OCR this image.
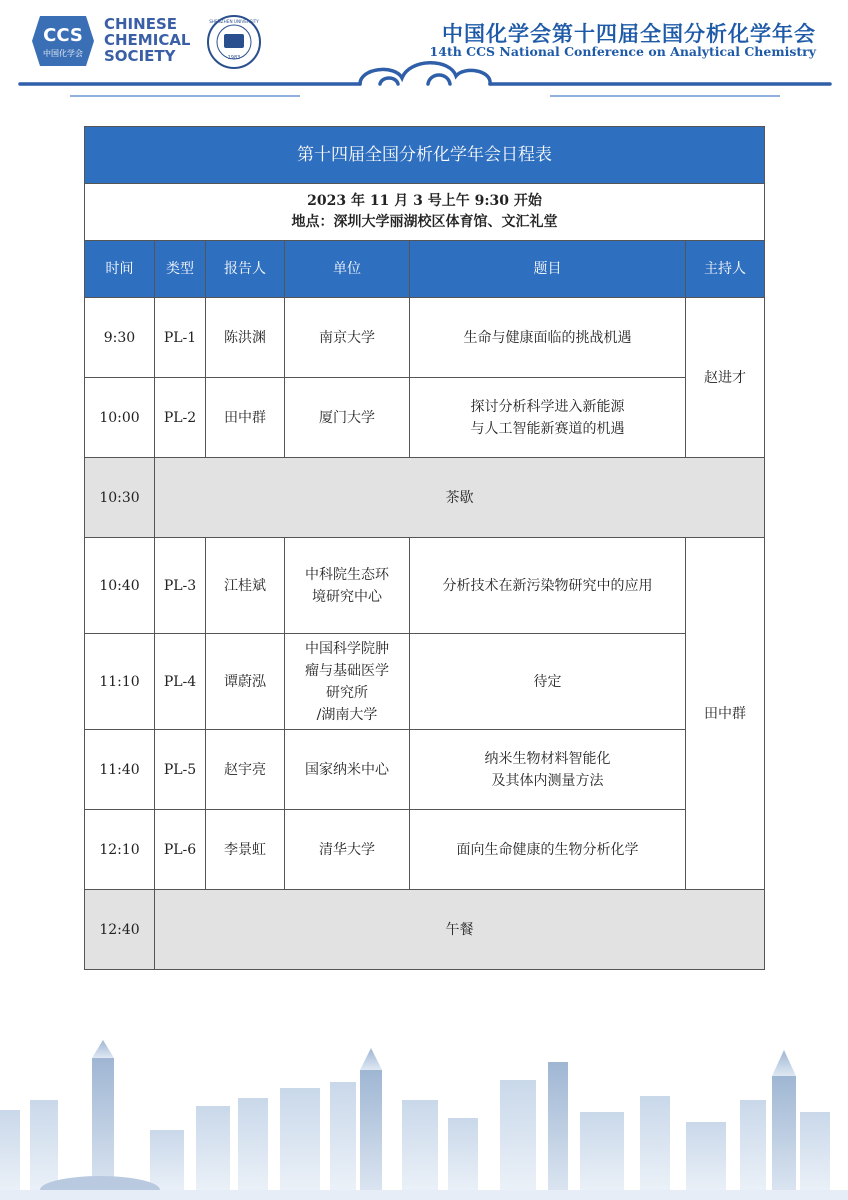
CCS
中国化学会
CHINESE
CHEMICAL
SOCIETY	1983
SHENZHEN UNIVERSITY
中国化学会第十四届全国分析化学年会
14th CCS National Conference on Analytical Chemistry
第十四届全国分析化学年会日程表					

2023 年 11 月 3 号上午 9:30 开始
地点：深圳大学丽湖校区体育馆、文汇礼堂					

时间	类型	报告人	单位	题目	主持人
9:30	PL-1	陈洪渊	南京大学	生命与健康面临的挑战机遇	赵进才
10:00	PL-2	田中群	厦门大学	探讨分析科学进入新能源
与人工智能新赛道的机遇	

10:30	茶歇				
10:40	PL-3	江桂斌	中科院生态环
境研究中心	分析技术在新污染物研究中的应用	田中群
11:10	PL-4	谭蔚泓	中国科学院肿
瘤与基础医学
研究所
/湖南大学	待定	
11:40	PL-5	赵宇亮	国家纳米中心	纳米生物材料智能化
及其体内测量方法	

12:10	PL-6	李景虹	清华大学	面向生命健康的生物分析化学	
12:40	午餐				
